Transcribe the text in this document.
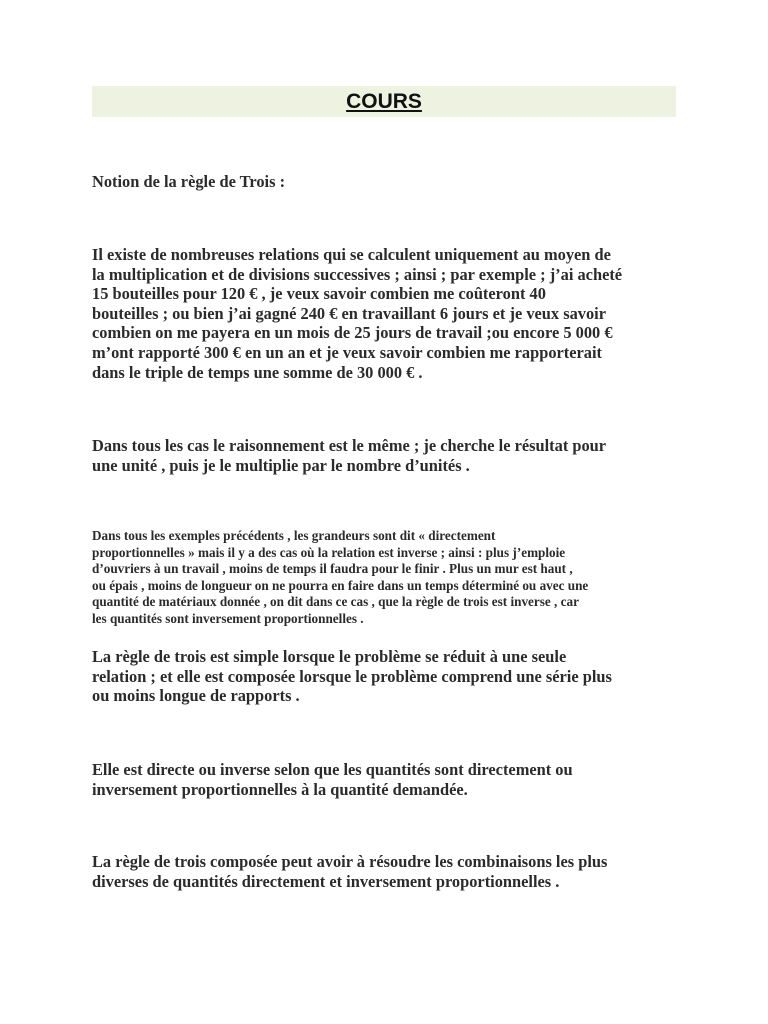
COURS

Notion de la règle de Trois :

Il existe de nombreuses relations qui se calculent uniquement au moyen de
la multiplication et de divisions successives ; ainsi ; par exemple ; j’ai acheté
15 bouteilles pour 120 € , je veux savoir combien me coûteront 40
bouteilles ; ou bien j’ai gagné 240 € en travaillant 6 jours et je veux savoir
combien on me payera en un mois de 25 jours de travail ;ou encore 5 000 €
m’ont rapporté 300 € en un an et je veux savoir combien me rapporterait
dans le triple de temps une somme de 30 000 € .

Dans tous les cas le raisonnement est le même ; je cherche le résultat pour
une unité , puis je le multiplie par le nombre d’unités .

Dans tous les exemples précédents , les grandeurs sont dit « directement
proportionnelles » mais il y a des cas où la relation est inverse ; ainsi : plus j’emploie
d’ouvriers à un travail , moins de temps il faudra pour le finir . Plus un mur est haut ,
ou épais , moins de longueur on ne pourra en faire dans un temps déterminé ou avec une
quantité de matériaux donnée , on dit dans ce cas , que la règle de trois est inverse , car
les quantités sont inversement proportionnelles .

La règle de trois est simple lorsque le problème se réduit à une seule
relation ; et elle est composée lorsque le problème comprend une série plus
ou moins longue de rapports .

Elle est directe ou inverse selon que les quantités sont directement ou
inversement proportionnelles à la quantité demandée.

La règle de trois composée peut avoir à résoudre les combinaisons les plus
diverses de quantités directement et inversement proportionnelles .
